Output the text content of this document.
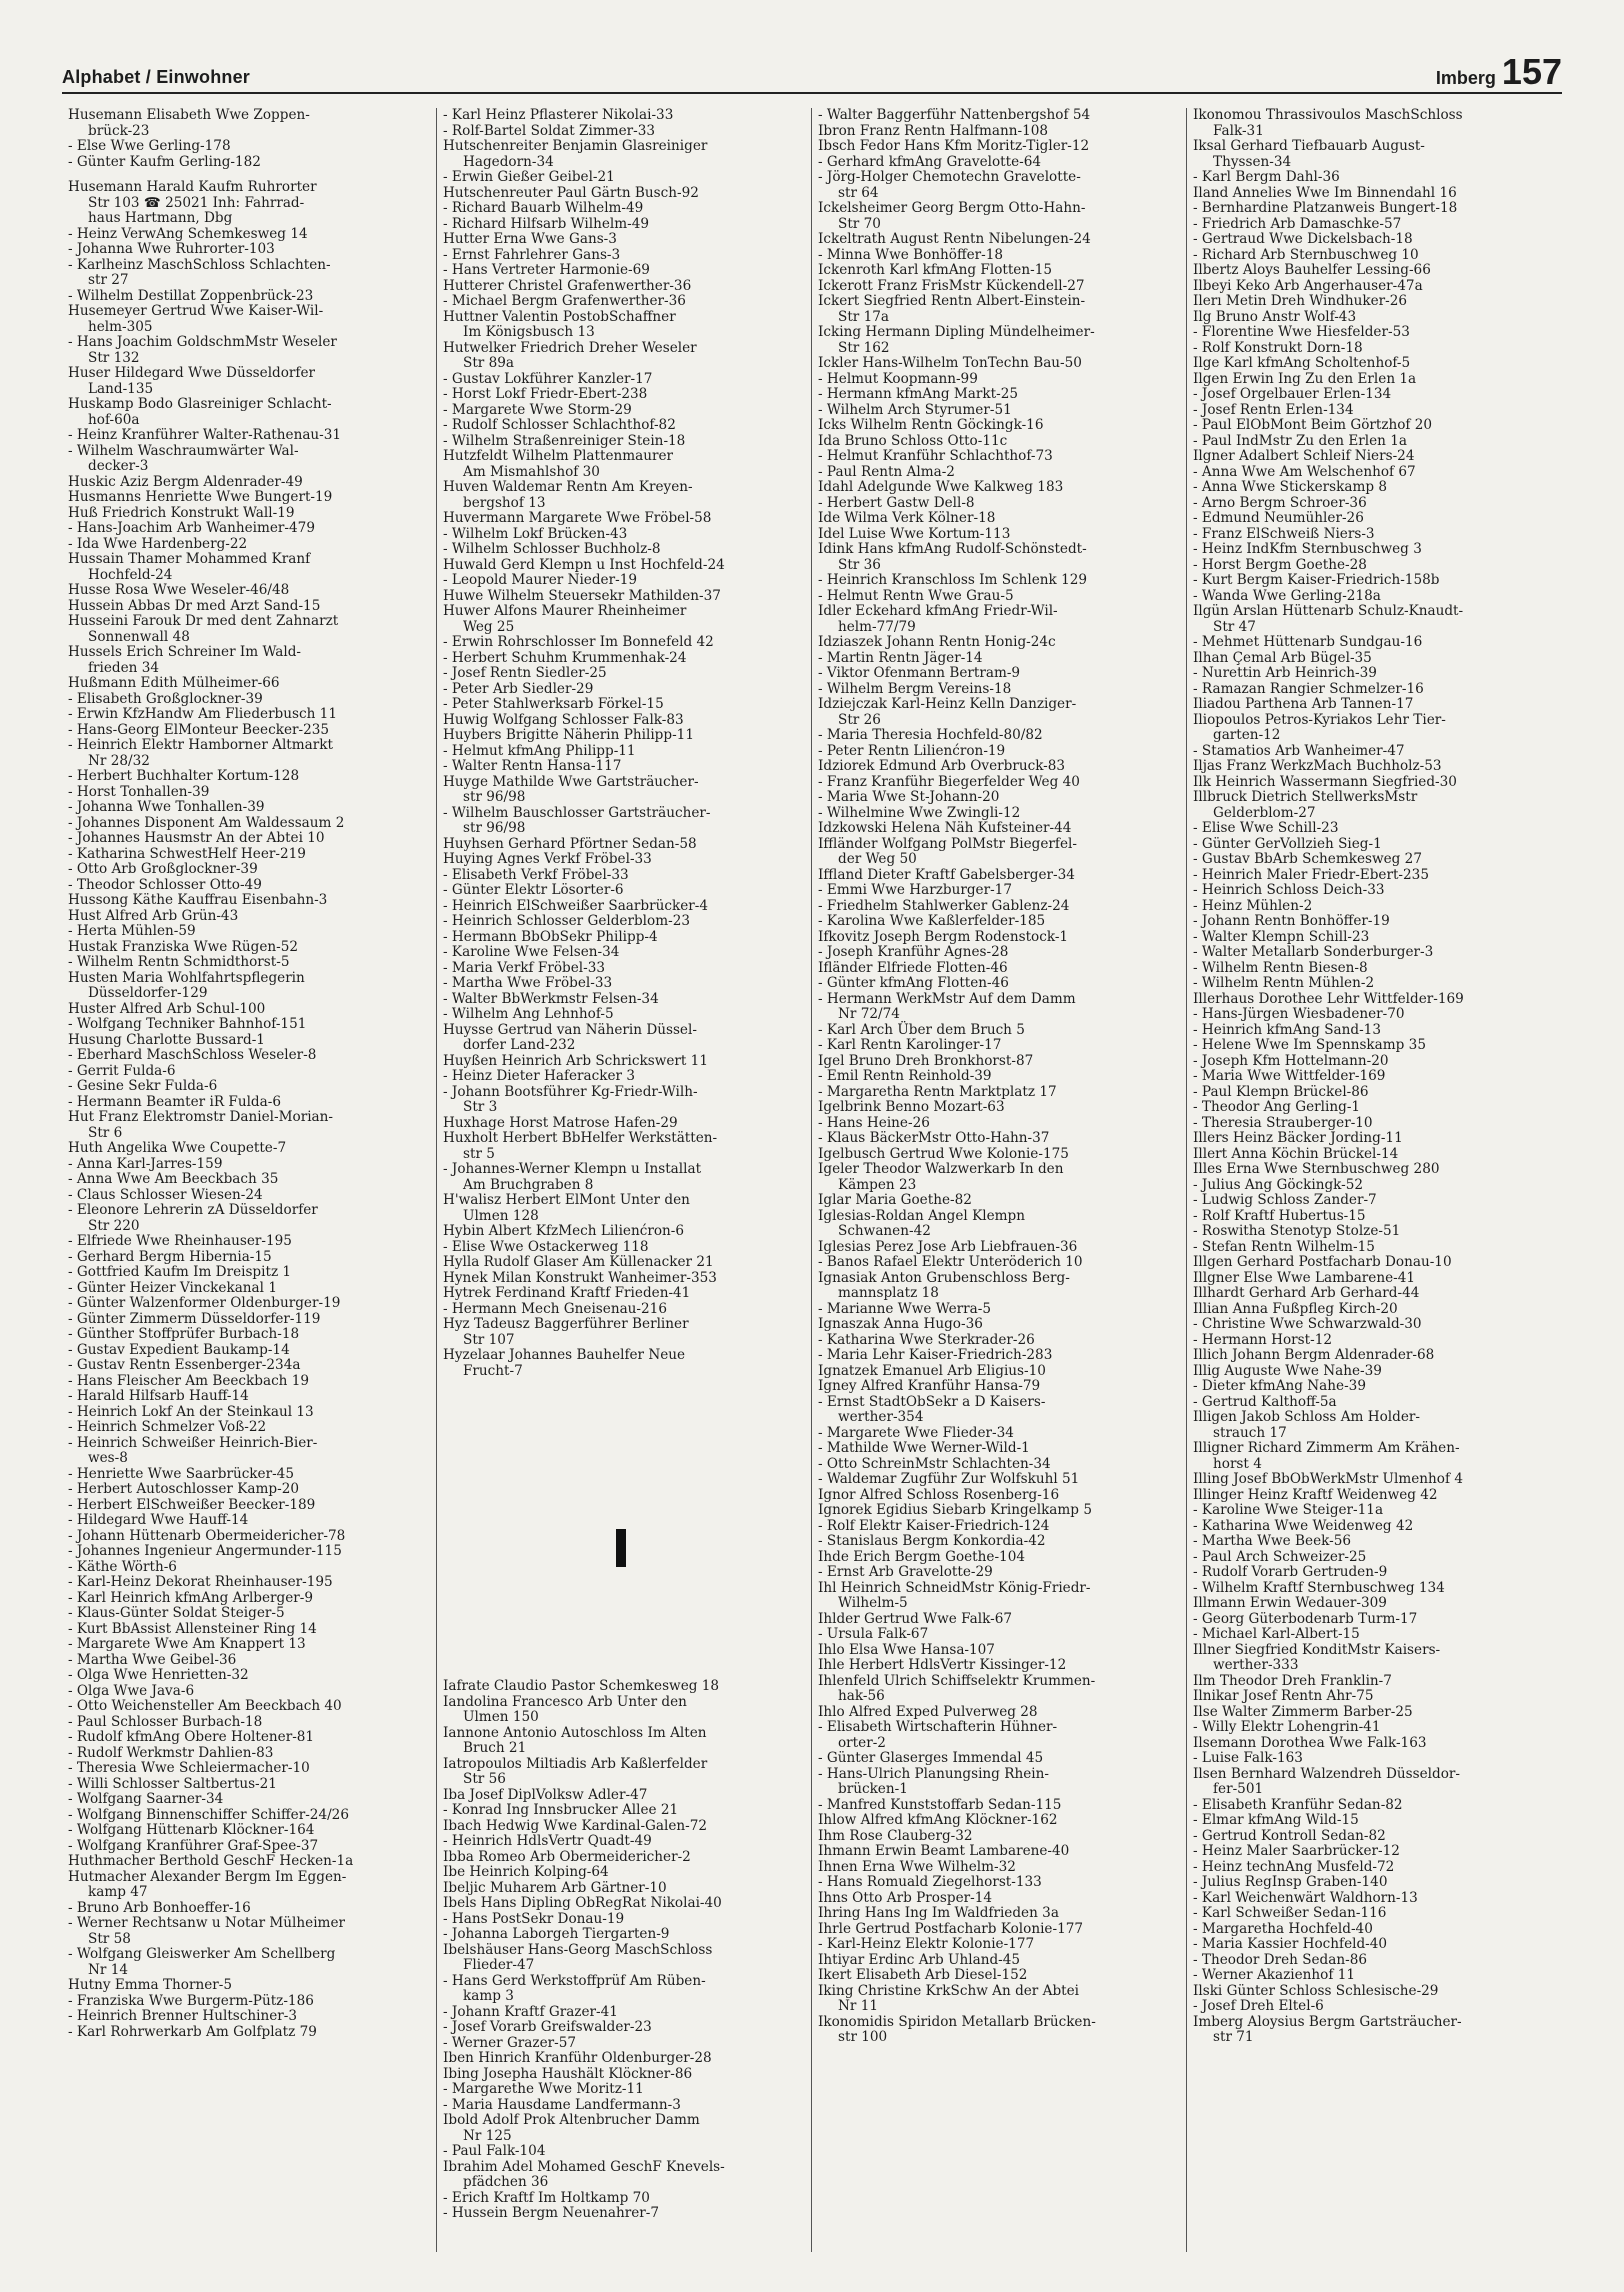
Alphabet / Einwohner	Imberg 157
Husemann Elisabeth Wwe Zoppen-
brück-23
- Else Wwe Gerling-178
- Günter Kaufm Gerling-182
Husemann Harald Kaufm Ruhrorter
Str 103 ☎ 25021 Inh: Fahrrad-
haus Hartmann, Dbg
- Heinz VerwAng Schemkesweg 14
- Johanna Wwe Ruhrorter-103
- Karlheinz MaschSchloss Schlachten-
str 27
- Wilhelm Destillat Zoppenbrück-23
Husemeyer Gertrud Wwe Kaiser-Wil-
helm-305
- Hans Joachim GoldschmMstr Weseler
Str 132
Huser Hildegard Wwe Düsseldorfer
Land-135
Huskamp Bodo Glasreiniger Schlacht-
hof-60a
- Heinz Kranführer Walter-Rathenau-31
- Wilhelm Waschraumwärter Wal-
decker-3
Huskic Aziz Bergm Aldenrader-49
Husmanns Henriette Wwe Bungert-19
Huß Friedrich Konstrukt Wall-19
- Hans-Joachim Arb Wanheimer-479
- Ida Wwe Hardenberg-22
Hussain Thamer Mohammed Kranf
Hochfeld-24
Husse Rosa Wwe Weseler-46/48
Hussein Abbas Dr med Arzt Sand-15
Husseini Farouk Dr med dent Zahnarzt
Sonnenwall 48
Hussels Erich Schreiner Im Wald-
frieden 34
Hußmann Edith Mülheimer-66
- Elisabeth Großglockner-39
- Erwin KfzHandw Am Fliederbusch 11
- Hans-Georg ElMonteur Beecker-235
- Heinrich Elektr Hamborner Altmarkt
Nr 28/32
- Herbert Buchhalter Kortum-128
- Horst Tonhallen-39
- Johanna Wwe Tonhallen-39
- Johannes Disponent Am Waldessaum 2
- Johannes Hausmstr An der Abtei 10
- Katharina SchwestHelf Heer-219
- Otto Arb Großglockner-39
- Theodor Schlosser Otto-49
Hussong Käthe Kauffrau Eisenbahn-3
Hust Alfred Arb Grün-43
- Herta Mühlen-59
Hustak Franziska Wwe Rügen-52
- Wilhelm Rentn Schmidthorst-5
Husten Maria Wohlfahrtspflegerin
Düsseldorfer-129
Huster Alfred Arb Schul-100
- Wolfgang Techniker Bahnhof-151
Husung Charlotte Bussard-1
- Eberhard MaschSchloss Weseler-8
- Gerrit Fulda-6
- Gesine Sekr Fulda-6
- Hermann Beamter iR Fulda-6
Hut Franz Elektromstr Daniel-Morian-
Str 6
Huth Angelika Wwe Coupette-7
- Anna Karl-Jarres-159
- Anna Wwe Am Beeckbach 35
- Claus Schlosser Wiesen-24
- Eleonore Lehrerin zA Düsseldorfer
Str 220
- Elfriede Wwe Rheinhauser-195
- Gerhard Bergm Hibernia-15
- Gottfried Kaufm Im Dreispitz 1
- Günter Heizer Vinckekanal 1
- Günter Walzenformer Oldenburger-19
- Günter Zimmerm Düsseldorfer-119
- Günther Stoffprüfer Burbach-18
- Gustav Expedient Baukamp-14
- Gustav Rentn Essenberger-234a
- Hans Fleischer Am Beeckbach 19
- Harald Hilfsarb Hauff-14
- Heinrich Lokf An der Steinkaul 13
- Heinrich Schmelzer Voß-22
- Heinrich Schweißer Heinrich-Bier-
wes-8
- Henriette Wwe Saarbrücker-45
- Herbert Autoschlosser Kamp-20
- Herbert ElSchweißer Beecker-189
- Hildegard Wwe Hauff-14
- Johann Hüttenarb Obermeidericher-78
- Johannes Ingenieur Angermunder-115
- Käthe Wörth-6
- Karl-Heinz Dekorat Rheinhauser-195
- Karl Heinrich kfmAng Arlberger-9
- Klaus-Günter Soldat Steiger-5
- Kurt BbAssist Allensteiner Ring 14
- Margarete Wwe Am Knappert 13
- Martha Wwe Geibel-36
- Olga Wwe Henrietten-32
- Olga Wwe Java-6
- Otto Weichensteller Am Beeckbach 40
- Paul Schlosser Burbach-18
- Rudolf kfmAng Obere Holtener-81
- Rudolf Werkmstr Dahlien-83
- Theresia Wwe Schleiermacher-10
- Willi Schlosser Saltbertus-21
- Wolfgang Saarner-34
- Wolfgang Binnenschiffer Schiffer-24/26
- Wolfgang Hüttenarb Klöckner-164
- Wolfgang Kranführer Graf-Spee-37
Huthmacher Berthold GeschF Hecken-1a
Hutmacher Alexander Bergm Im Eggen-
kamp 47
- Bruno Arb Bonhoeffer-16
- Werner Rechtsanw u Notar Mülheimer
Str 58
- Wolfgang Gleiswerker Am Schellberg
Nr 14
Hutny Emma Thorner-5
- Franziska Wwe Burgerm-Pütz-186
- Heinrich Brenner Hultschiner-3
- Karl Rohrwerkarb Am Golfplatz 79
- Karl Heinz Pflasterer Nikolai-33
- Rolf-Bartel Soldat Zimmer-33
Hutschenreiter Benjamin Glasreiniger
Hagedorn-34
- Erwin Gießer Geibel-21
Hutschenreuter Paul Gärtn Busch-92
- Richard Bauarb Wilhelm-49
- Richard Hilfsarb Wilhelm-49
Hutter Erna Wwe Gans-3
- Ernst Fahrlehrer Gans-3
- Hans Vertreter Harmonie-69
Hutterer Christel Grafenwerther-36
- Michael Bergm Grafenwerther-36
Huttner Valentin PostobSchaffner
Im Königsbusch 13
Hutwelker Friedrich Dreher Weseler
Str 89a
- Gustav Lokführer Kanzler-17
- Horst Lokf Friedr-Ebert-238
- Margarete Wwe Storm-29
- Rudolf Schlosser Schlachthof-82
- Wilhelm Straßenreiniger Stein-18
Hutzfeldt Wilhelm Plattenmaurer
Am Mismahlshof 30
Huven Waldemar Rentn Am Kreyen-
bergshof 13
Huvermann Margarete Wwe Fröbel-58
- Wilhelm Lokf Brücken-43
- Wilhelm Schlosser Buchholz-8
Huwald Gerd Klempn u Inst Hochfeld-24
- Leopold Maurer Nieder-19
Huwe Wilhelm Steuersekr Mathilden-37
Huwer Alfons Maurer Rheinheimer
Weg 25
- Erwin Rohrschlosser Im Bonnefeld 42
- Herbert Schuhm Krummenhak-24
- Josef Rentn Siedler-25
- Peter Arb Siedler-29
- Peter Stahlwerksarb Förkel-15
Huwig Wolfgang Schlosser Falk-83
Huybers Brigitte Näherin Philipp-11
- Helmut kfmAng Philipp-11
- Walter Rentn Hansa-117
Huyge Mathilde Wwe Gartsträucher-
str 96/98
- Wilhelm Bauschlosser Gartsträucher-
str 96/98
Huyhsen Gerhard Pförtner Sedan-58
Huying Agnes Verkf Fröbel-33
- Elisabeth Verkf Fröbel-33
- Günter Elektr Lösorter-6
- Heinrich ElSchweißer Saarbrücker-4
- Heinrich Schlosser Gelderblom-23
- Hermann BbObSekr Philipp-4
- Karoline Wwe Felsen-34
- Maria Verkf Fröbel-33
- Martha Wwe Fröbel-33
- Walter BbWerkmstr Felsen-34
- Wilhelm Ang Lehnhof-5
Huysse Gertrud van Näherin Düssel-
dorfer Land-232
Huyßen Heinrich Arb Schrickswert 11
- Heinz Dieter Haferacker 3
- Johann Bootsführer Kg-Friedr-Wilh-
Str 3
Huxhage Horst Matrose Hafen-29
Huxholt Herbert BbHelfer Werkstätten-
str 5
- Johannes-Werner Klempn u Installat
Am Bruchgraben 8
H'walisz Herbert ElMont Unter den
Ulmen 128
Hybin Albert KfzMech Lilienćron-6
- Elise Wwe Ostackerweg 118
Hylla Rudolf Glaser Am Küllenacker 21
Hynek Milan Konstrukt Wanheimer-353
Hytrek Ferdinand Kraftf Frieden-41
- Hermann Mech Gneisenau-216
Hyz Tadeusz Baggerführer Berliner
Str 107
Hyzelaar Johannes Bauhelfer Neue
Frucht-7
Iafrate Claudio Pastor Schemkesweg 18
Iandolina Francesco Arb Unter den
Ulmen 150
Iannone Antonio Autoschloss Im Alten
Bruch 21
Iatropoulos Miltiadis Arb Kaßlerfelder
Str 56
Iba Josef DiplVolksw Adler-47
- Konrad Ing Innsbrucker Allee 21
Ibach Hedwig Wwe Kardinal-Galen-72
- Heinrich HdlsVertr Quadt-49
Ibba Romeo Arb Obermeidericher-2
Ibe Heinrich Kolping-64
Ibeljic Muharem Arb Gärtner-10
Ibels Hans Dipling ObRegRat Nikolai-40
- Hans PostSekr Donau-19
- Johanna Laborgeh Tiergarten-9
Ibelshäuser Hans-Georg MaschSchloss
Flieder-47
- Hans Gerd Werkstoffprüf Am Rüben-
kamp 3
- Johann Kraftf Grazer-41
- Josef Vorarb Greifswalder-23
- Werner Grazer-57
Iben Hinrich Kranführ Oldenburger-28
Ibing Josepha Haushält Klöckner-86
- Margarethe Wwe Moritz-11
- Maria Hausdame Landfermann-3
Ibold Adolf Prok Altenbrucher Damm
Nr 125
- Paul Falk-104
Ibrahim Adel Mohamed GeschF Knevels-
pfädchen 36
- Erich Kraftf Im Holtkamp 70
- Hussein Bergm Neuenahrer-7
- Walter Baggerführ Nattenbergshof 54
Ibron Franz Rentn Halfmann-108
Ibsch Fedor Hans Kfm Moritz-Tigler-12
- Gerhard kfmAng Gravelotte-64
- Jörg-Holger Chemotechn Gravelotte-
str 64
Ickelsheimer Georg Bergm Otto-Hahn-
Str 70
Ickeltrath August Rentn Nibelungen-24
- Minna Wwe Bonhöffer-18
Ickenroth Karl kfmAng Flotten-15
Ickerott Franz FrisMstr Kückendell-27
Ickert Siegfried Rentn Albert-Einstein-
Str 17a
Icking Hermann Dipling Mündelheimer-
Str 162
Ickler Hans-Wilhelm TonTechn Bau-50
- Helmut Koopmann-99
- Hermann kfmAng Markt-25
- Wilhelm Arch Styrumer-51
Icks Wilhelm Rentn Göckingk-16
Ida Bruno Schloss Otto-11c
- Helmut Kranführ Schlachthof-73
- Paul Rentn Alma-2
Idahl Adelgunde Wwe Kalkweg 183
- Herbert Gastw Dell-8
Ide Wilma Verk Kölner-18
Idel Luise Wwe Kortum-113
Idink Hans kfmAng Rudolf-Schönstedt-
Str 36
- Heinrich Kranschloss Im Schlenk 129
- Helmut Rentn Wwe Grau-5
Idler Eckehard kfmAng Friedr-Wil-
helm-77/79
Idziaszek Johann Rentn Honig-24c
- Martin Rentn Jäger-14
- Viktor Ofenmann Bertram-9
- Wilhelm Bergm Vereins-18
Idziejczak Karl-Heinz Kelln Danziger-
Str 26
- Maria Theresia Hochfeld-80/82
- Peter Rentn Lilienćron-19
Idziorek Edmund Arb Overbruck-83
- Franz Kranführ Biegerfelder Weg 40
- Maria Wwe St-Johann-20
- Wilhelmine Wwe Zwingli-12
Idzkowski Helena Näh Kufsteiner-44
Iffländer Wolfgang PolMstr Biegerfel-
der Weg 50
Iffland Dieter Kraftf Gabelsberger-34
- Emmi Wwe Harzburger-17
- Friedhelm Stahlwerker Gablenz-24
- Karolina Wwe Kaßlerfelder-185
Ifkovitz Joseph Bergm Rodenstock-1
- Joseph Kranführ Agnes-28
Ifländer Elfriede Flotten-46
- Günter kfmAng Flotten-46
- Hermann WerkMstr Auf dem Damm
Nr 72/74
- Karl Arch Über dem Bruch 5
- Karl Rentn Karolinger-17
Igel Bruno Dreh Bronkhorst-87
- Emil Rentn Reinhold-39
- Margaretha Rentn Marktplatz 17
Igelbrink Benno Mozart-63
- Hans Heine-26
- Klaus BäckerMstr Otto-Hahn-37
Igelbusch Gertrud Wwe Kolonie-175
Igeler Theodor Walzwerkarb In den
Kämpen 23
Iglar Maria Goethe-82
Iglesias-Roldan Angel Klempn
Schwanen-42
Iglesias Perez Jose Arb Liebfrauen-36
- Banos Rafael Elektr Unteröderich 10
Ignasiak Anton Grubenschloss Berg-
mannsplatz 18
- Marianne Wwe Werra-5
Ignaszak Anna Hugo-36
- Katharina Wwe Sterkrader-26
- Maria Lehr Kaiser-Friedrich-283
Ignatzek Emanuel Arb Eligius-10
Igney Alfred Kranführ Hansa-79
- Ernst StadtObSekr a D Kaisers-
werther-354
- Margarete Wwe Flieder-34
- Mathilde Wwe Werner-Wild-1
- Otto SchreinMstr Schlachten-34
- Waldemar Zugführ Zur Wolfskuhl 51
Ignor Alfred Schloss Rosenberg-16
Ignorek Egidius Siebarb Kringelkamp 5
- Rolf Elektr Kaiser-Friedrich-124
- Stanislaus Bergm Konkordia-42
Ihde Erich Bergm Goethe-104
- Ernst Arb Gravelotte-29
Ihl Heinrich SchneidMstr König-Friedr-
Wilhelm-5
Ihlder Gertrud Wwe Falk-67
- Ursula Falk-67
Ihlo Elsa Wwe Hansa-107
Ihle Herbert HdlsVertr Kissinger-12
Ihlenfeld Ulrich Schiffselektr Krummen-
hak-56
Ihlo Alfred Exped Pulverweg 28
- Elisabeth Wirtschafterin Hühner-
orter-2
- Günter Glaserges Immendal 45
- Hans-Ulrich Planungsing Rhein-
brücken-1
- Manfred Kunststoffarb Sedan-115
Ihlow Alfred kfmAng Klöckner-162
Ihm Rose Clauberg-32
Ihmann Erwin Beamt Lambarene-40
Ihnen Erna Wwe Wilhelm-32
- Hans Romuald Ziegelhorst-133
Ihns Otto Arb Prosper-14
Ihring Hans Ing Im Waldfrieden 3a
Ihrle Gertrud Postfacharb Kolonie-177
- Karl-Heinz Elektr Kolonie-177
Ihtiyar Erdinc Arb Uhland-45
Ikert Elisabeth Arb Diesel-152
Iking Christine KrkSchw An der Abtei
Nr 11
Ikonomidis Spiridon Metallarb Brücken-
str 100
Ikonomou Thrassivoulos MaschSchloss
Falk-31
Iksal Gerhard Tiefbauarb August-
Thyssen-34
- Karl Bergm Dahl-36
Iland Annelies Wwe Im Binnendahl 16
- Bernhardine Platzanweis Bungert-18
- Friedrich Arb Damaschke-57
- Gertraud Wwe Dickelsbach-18
- Richard Arb Sternbuschweg 10
Ilbertz Aloys Bauhelfer Lessing-66
Ilbeyi Keko Arb Angerhauser-47a
Ilerı Metin Dreh Windhuker-26
Ilg Bruno Anstr Wolf-43
- Florentine Wwe Hiesfelder-53
- Rolf Konstrukt Dorn-18
Ilge Karl kfmAng Scholtenhof-5
Ilgen Erwin Ing Zu den Erlen 1a
- Josef Orgelbauer Erlen-134
- Josef Rentn Erlen-134
- Paul ElObMont Beim Görtzhof 20
- Paul IndMstr Zu den Erlen 1a
Ilgner Adalbert Schleif Niers-24
- Anna Wwe Am Welschenhof 67
- Anna Wwe Stickerskamp 8
- Arno Bergm Schroer-36
- Edmund Neumühler-26
- Franz ElSchweiß Niers-3
- Heinz IndKfm Sternbuschweg 3
- Horst Bergm Goethe-28
- Kurt Bergm Kaiser-Friedrich-158b
- Wanda Wwe Gerling-218a
Ilgün Arslan Hüttenarb Schulz-Knaudt-
Str 47
- Mehmet Hüttenarb Sundgau-16
Ilhan Çemal Arb Bügel-35
- Nurettin Arb Heinrich-39
- Ramazan Rangier Schmelzer-16
Iliadou Parthena Arb Tannen-17
Iliopoulos Petros-Kyriakos Lehr Tier-
garten-12
- Stamatios Arb Wanheimer-47
Iljas Franz WerkzMach Buchholz-53
Ilk Heinrich Wassermann Siegfried-30
Illbruck Dietrich StellwerksMstr
Gelderblom-27
- Elise Wwe Schill-23
- Günter GerVollzieh Sieg-1
- Gustav BbArb Schemkesweg 27
- Heinrich Maler Friedr-Ebert-235
- Heinrich Schloss Deich-33
- Heinz Mühlen-2
- Johann Rentn Bonhöffer-19
- Walter Klempn Schill-23
- Walter Metallarb Sonderburger-3
- Wilhelm Rentn Biesen-8
- Wilhelm Rentn Mühlen-2
Illerhaus Dorothee Lehr Wittfelder-169
- Hans-Jürgen Wiesbadener-70
- Heinrich kfmAng Sand-13
- Helene Wwe Im Spennskamp 35
- Joseph Kfm Hottelmann-20
- Maria Wwe Wittfelder-169
- Paul Klempn Brückel-86
- Theodor Ang Gerling-1
- Theresia Strauberger-10
Illers Heinz Bäcker Jording-11
Illert Anna Köchin Brückel-14
Illes Erna Wwe Sternbuschweg 280
- Julius Ang Göckingk-52
- Ludwig Schloss Zander-7
- Rolf Kraftf Hubertus-15
- Roswitha Stenotyp Stolze-51
- Stefan Rentn Wilhelm-15
Illgen Gerhard Postfacharb Donau-10
Illgner Else Wwe Lambarene-41
Illhardt Gerhard Arb Gerhard-44
Illian Anna Fußpfleg Kirch-20
- Christine Wwe Schwarzwald-30
- Hermann Horst-12
Illich Johann Bergm Aldenrader-68
Illig Auguste Wwe Nahe-39
- Dieter kfmAng Nahe-39
- Gertrud Kalthoff-5a
Illigen Jakob Schloss Am Holder-
strauch 17
Illigner Richard Zimmerm Am Krähen-
horst 4
Illing Josef BbObWerkMstr Ulmenhof 4
Illinger Heinz Kraftf Weidenweg 42
- Karoline Wwe Steiger-11a
- Katharina Wwe Weidenweg 42
- Martha Wwe Beek-56
- Paul Arch Schweizer-25
- Rudolf Vorarb Gertruden-9
- Wilhelm Kraftf Sternbuschweg 134
Illmann Erwin Wedauer-309
- Georg Güterbodenarb Turm-17
- Michael Karl-Albert-15
Illner Siegfried KonditMstr Kaisers-
werther-333
Ilm Theodor Dreh Franklin-7
Ilnikar Josef Rentn Ahr-75
Ilse Walter Zimmerm Barber-25
- Willy Elektr Lohengrin-41
Ilsemann Dorothea Wwe Falk-163
- Luise Falk-163
Ilsen Bernhard Walzendreh Düsseldor-
fer-501
- Elisabeth Kranführ Sedan-82
- Elmar kfmAng Wild-15
- Gertrud Kontroll Sedan-82
- Heinz Maler Saarbrücker-12
- Heinz technAng Musfeld-72
- Julius RegInsp Graben-140
- Karl Weichenwärt Waldhorn-13
- Karl Schweißer Sedan-116
- Margaretha Hochfeld-40
- Maria Kassier Hochfeld-40
- Theodor Dreh Sedan-86
- Werner Akazienhof 11
Ilski Günter Schloss Schlesische-29
- Josef Dreh Eltel-6
Imberg Aloysius Bergm Gartsträucher-
str 71
